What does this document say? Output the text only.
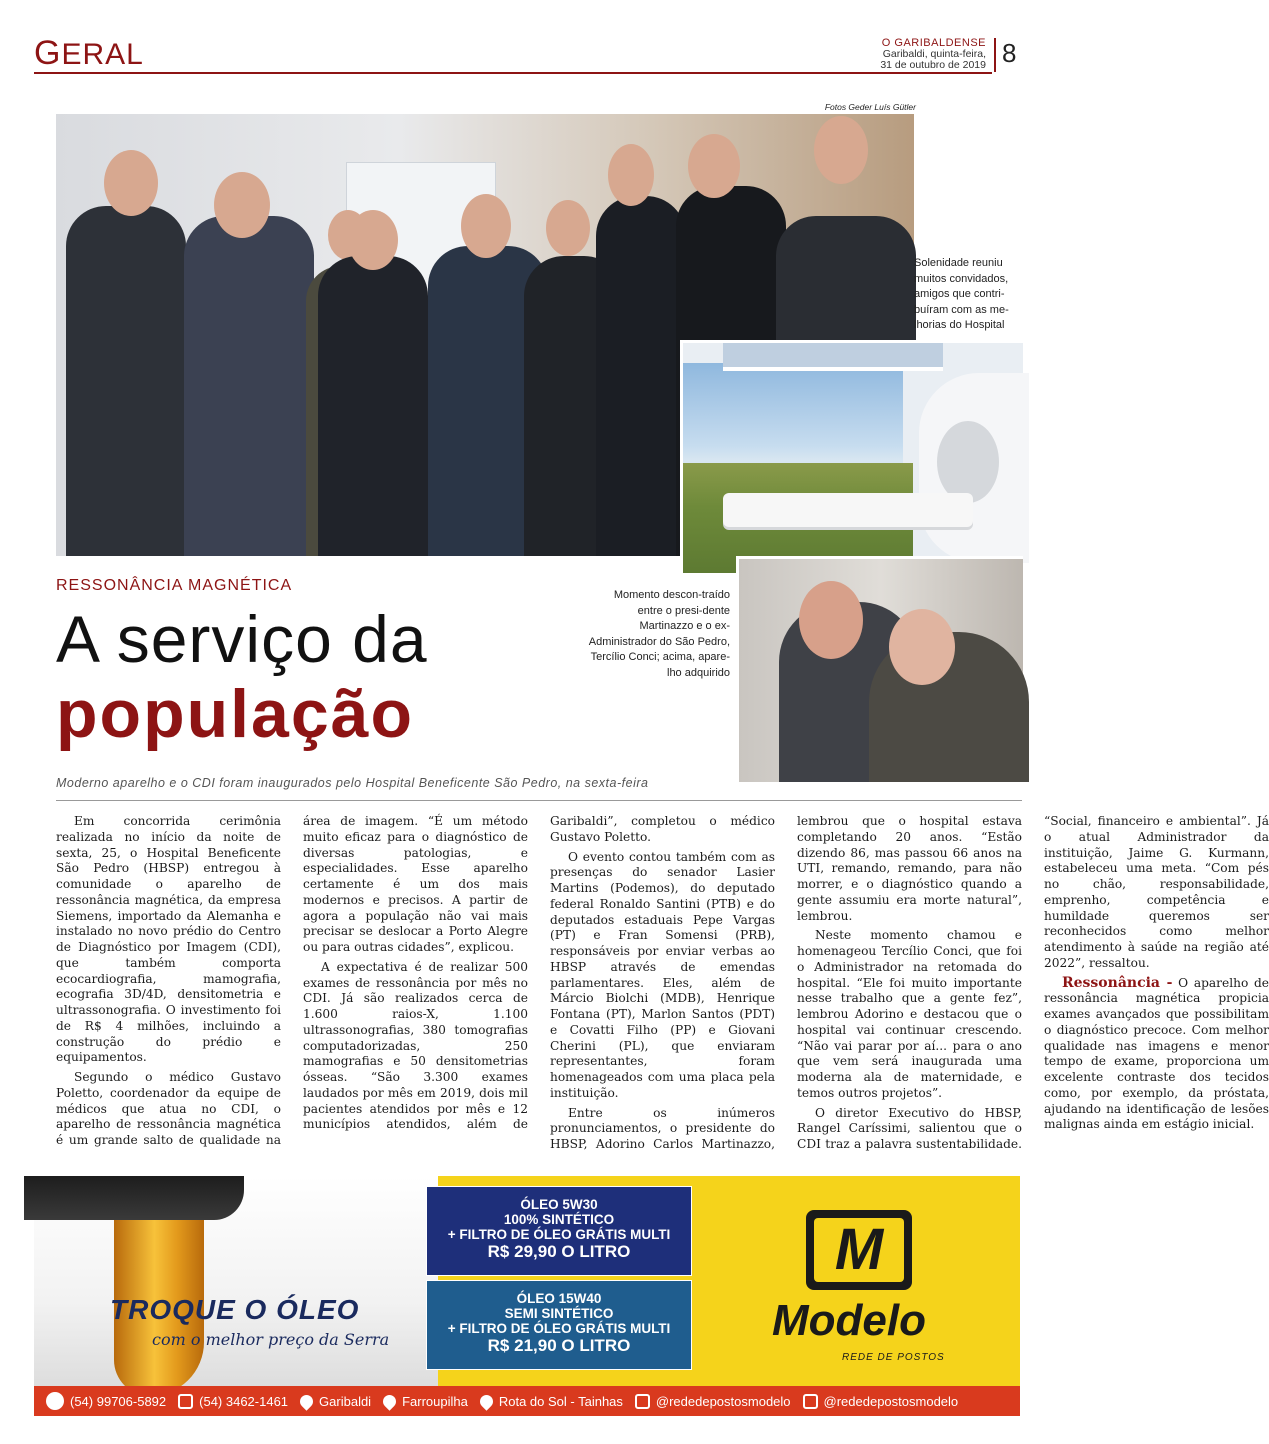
GERAL	O GARIBALDENSE
Garibaldi, quinta-feira,
31 de outubro de 2019 8
Fotos Geder Luís Gütler
Solenidade reuniu muitos convidados, amigos que contri-buíram com as me-lhorias do Hospital
Momento descon-traído entre o presi-dente Martinazzo e o ex-Administrador do São Pedro, Tercílio Conci; acima, apare-lho adquirido
RESSONÂNCIA MAGNÉTICA
A serviço da
população
Moderno aparelho e o CDI foram inaugurados pelo Hospital Beneficente São Pedro, na sexta-feira

Em concorrida cerimônia realizada no início da noite de sexta, 25, o Hospital Beneficente São Pedro (HBSP) entregou à comunidade o aparelho de ressonância magnética, da empresa Siemens, importado da Alemanha e instalado no novo prédio do Centro de Diagnóstico por Imagem (CDI), que também comporta ecocardiografia, mamografia, ecografia 3D/4D, densitometria e ultrassonografia. O investimento foi de R$ 4 milhões, incluindo a construção do prédio e equipamentos.

Segundo o médico Gustavo Poletto, coordenador da equipe de médicos que atua no CDI, o aparelho de ressonância magnética é um grande salto de qualidade na área de imagem. “É um método muito eficaz para o diagnóstico de diversas patologias, e especialidades. Esse aparelho certamente é um dos mais modernos e precisos. A partir de agora a população não vai mais precisar se deslocar a Porto Alegre ou para outras cidades”, explicou.

A expectativa é de realizar 500 exames de ressonância por mês no CDI. Já são realizados cerca de 1.600 raios-X, 1.100 ultrassonografias, 380 tomografias computadorizadas, 250 mamografias e 50 densitometrias ósseas. “São 3.300 exames laudados por mês em 2019, dois mil pacientes atendidos por mês e 12 municípios atendidos, além de Garibaldi”, completou o médico Gustavo Poletto.

O evento contou também com as presenças do senador Lasier Martins (Podemos), do deputado federal Ronaldo Santini (PTB) e do deputados estaduais Pepe Vargas (PT) e Fran Somensi (PRB), responsáveis por enviar verbas ao HBSP através de emendas parlamentares. Eles, além de Márcio Biolchi (MDB), Henrique Fontana (PT), Marlon Santos (PDT) e Covatti Filho (PP) e Giovani Cherini (PL), que enviaram representantes, foram homenageados com uma placa pela instituição.

Entre os inúmeros pronunciamentos, o presidente do HBSP, Adorino Carlos Martinazzo, lembrou que o hospital estava completando 20 anos. “Estão dizendo 86, mas passou 66 anos na UTI, remando, remando, para não morrer, e o diagnóstico quando a gente assumiu era morte natural”, lembrou.

Neste momento chamou e homenageou Tercílio Conci, que foi o Administrador na retomada do hospital. “Ele foi muito importante nesse trabalho que a gente fez”, lembrou Adorino e destacou que o hospital vai continuar crescendo. “Não vai parar por aí... para o ano que vem será inaugurada uma moderna ala de maternidade, e temos outros projetos”.

O diretor Executivo do HBSP, Rangel Caríssimi, salientou que o CDI traz a palavra sustentabilidade. “Social, financeiro e ambiental”. Já o atual Administrador da instituição, Jaime G. Kurmann, estabeleceu uma meta. “Com pés no chão, responsabilidade, emprenho, competência e humildade queremos ser reconhecidos como melhor atendimento à saúde na região até 2022”, ressaltou.

Ressonância - O aparelho de ressonância magnética propicia exames avançados que possibilitam o diagnóstico precoce. Com melhor qualidade nas imagens e menor tempo de exame, proporciona um excelente contraste dos tecidos como, por exemplo, da próstata, ajudando na identificação de lesões malignas ainda em estágio inicial.

TROQUE O ÓLEO
com o melhor preço da Serra
ÓLEO 5W30
100% SINTÉTICO
+ FILTRO DE ÓLEO GRÁTIS MULTI
R$ 29,90 O LITRO
ÓLEO 15W40
SEMI SINTÉTICO
+ FILTRO DE ÓLEO GRÁTIS MULTI
R$ 21,90 O LITRO
M
Modelo
REDE DE POSTOS
(54) 99706-5892	(54) 3462-1461 Garibaldi Farroupilha Rota do Sol - Tainhas	@rededepostosmodelo	@rededepostosmodelo
